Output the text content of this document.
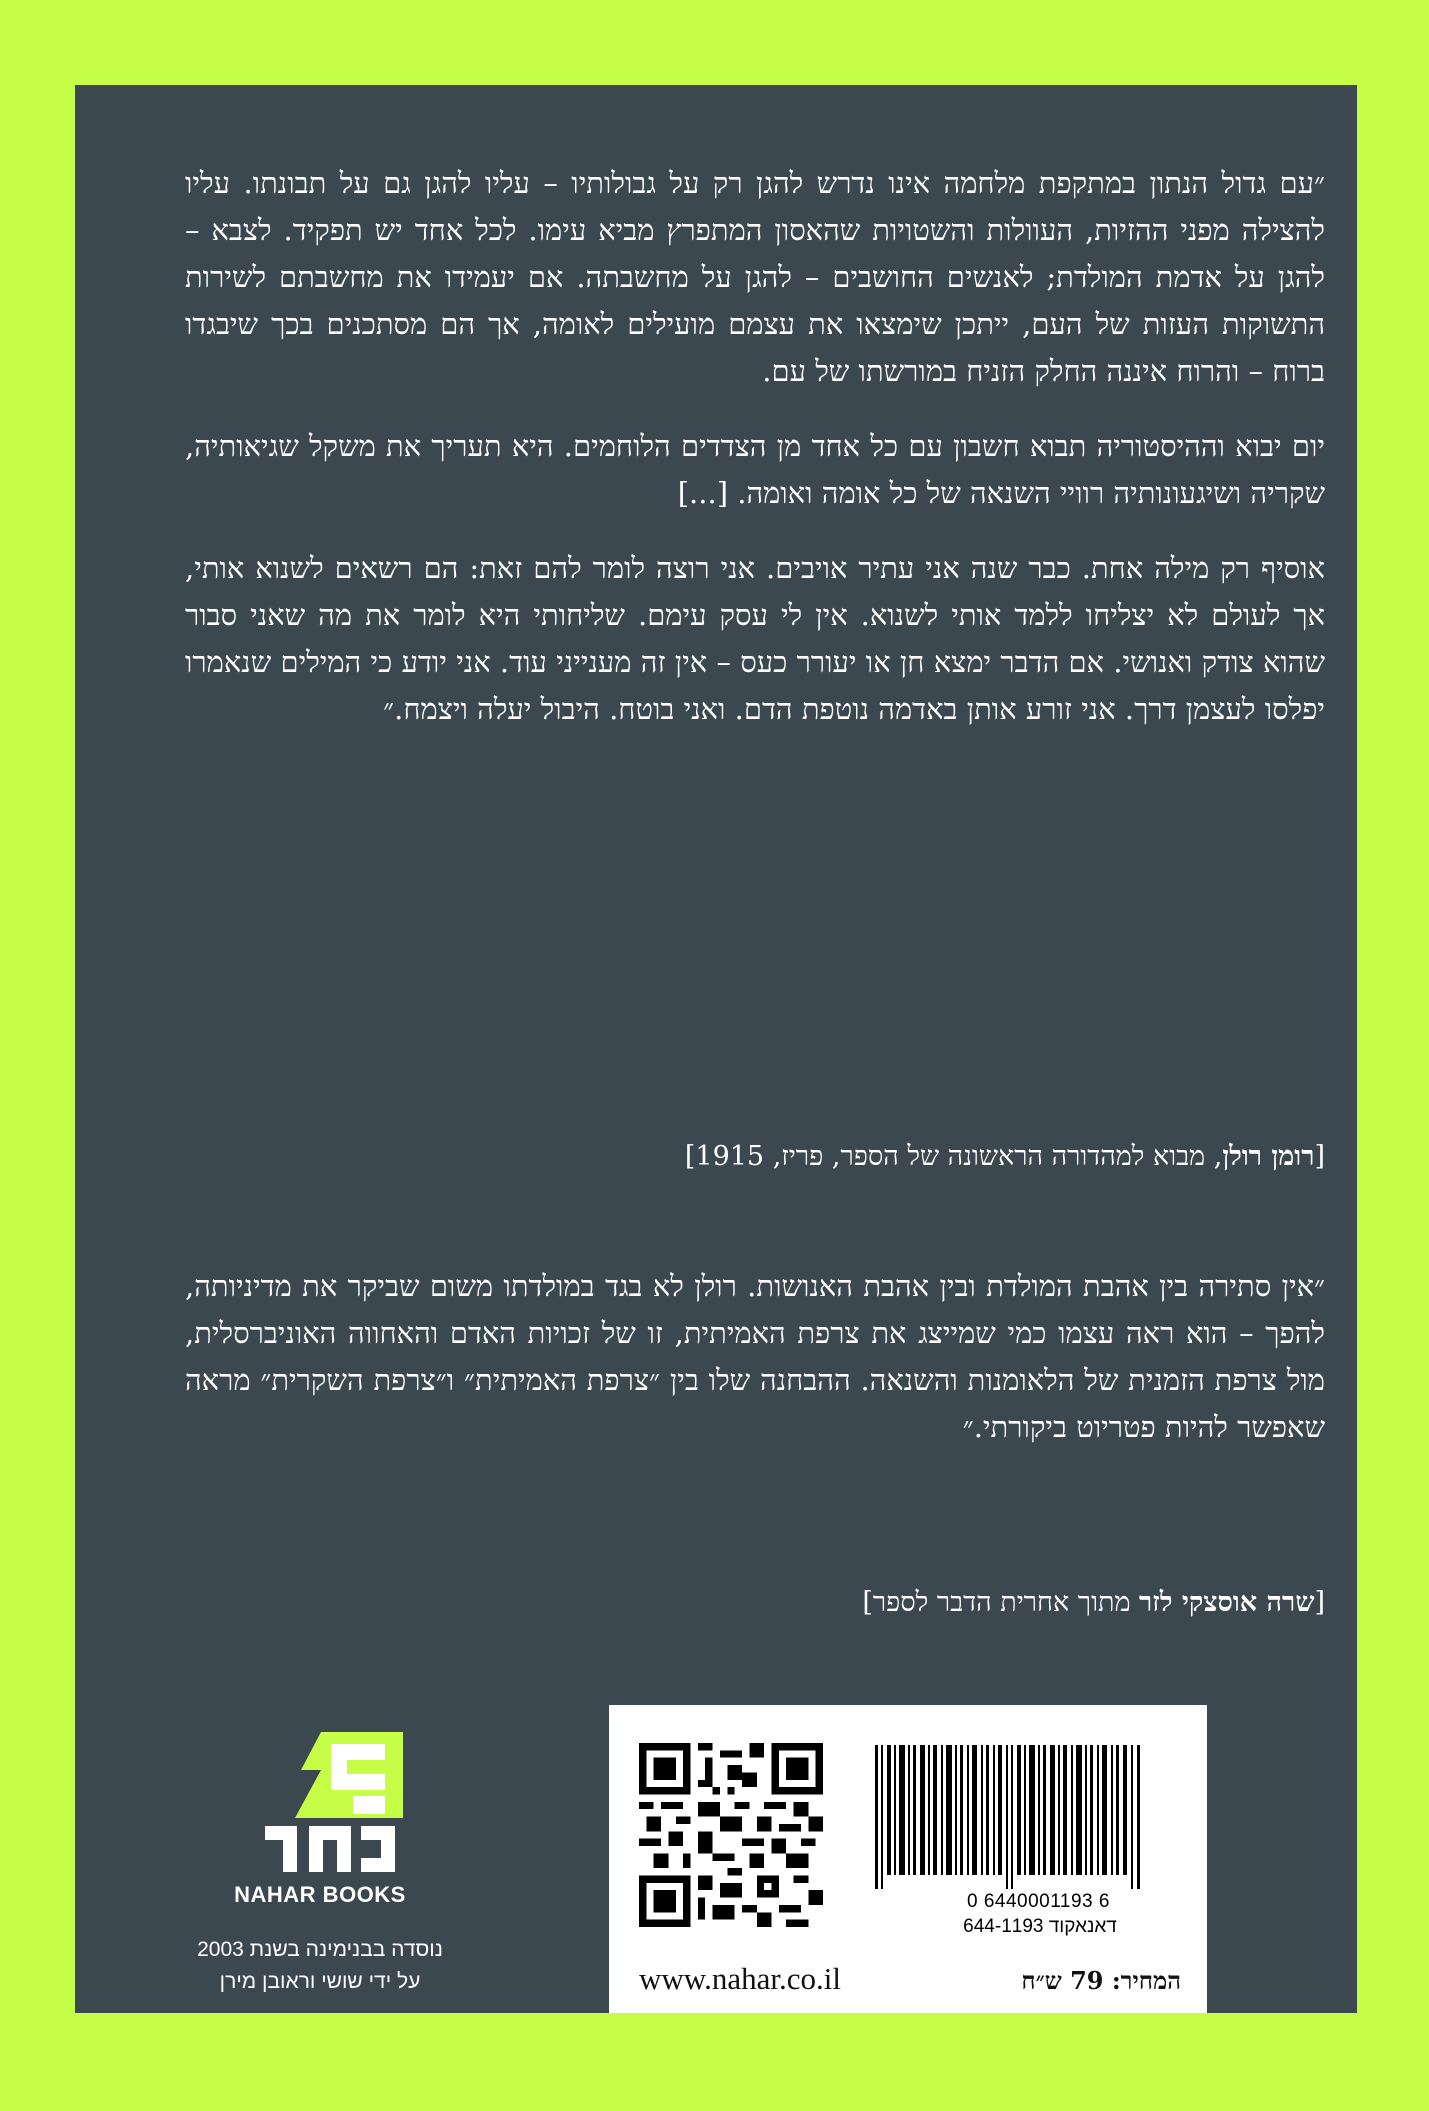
״עם גדול הנתון במתקפת מלחמה אינו נדרש להגן רק על גבולותיו – עליו להגן גם על תבונתו. עליו להצילה מפני ההזיות, העוולות והשטויות שהאסון המתפרץ מביא עימו. לכל אחד יש תפקיד. לצבא – להגן על אדמת המולדת; לאנשים החושבים – להגן על מחשבתה. אם יעמידו את מחשבתם לשירות התשוקות העזות של העם, ייתכן שימצאו את עצמם מועילים לאומה, אך הם מסתכנים בכך שיבגדו ברוח – והרוח איננה החלק הזניח במורשתו של עם.

יום יבוא וההיסטוריה תבוא חשבון עם כל אחד מן הצדדים הלוחמים. היא תעריך את משקל שגיאותיה, שקריה ושיגעונותיה רוויי השנאה של כל אומה ואומה. [...]

אוסיף רק מילה אחת. כבר שנה אני עתיר אויבים. אני רוצה לומר להם זאת: הם רשאים לשנוא אותי, אך לעולם לא יצליחו ללמד אותי לשנוא. אין לי עסק עימם. שליחותי היא לומר את מה שאני סבור שהוא צודק ואנושי. אם הדבר ימצא חן או יעורר כעס – אין זה מענייני עוד. אני יודע כי המילים שנאמרו יפלסו לעצמן דרך. אני זורע אותן באדמה נוטפת הדם. ואני בוטח. היבול יעלה ויצמח.״

[רומן רולן, מבוא למהדורה הראשונה של הספר, פריז, 1915]

״אין סתירה בין אהבת המולדת ובין אהבת האנושות. רולן לא בגד במולדתו משום שביקר את מדיניותה, להפך – הוא ראה עצמו כמי שמייצג את צרפת האמיתית, זו של זכויות האדם והאחווה האוניברסלית, מול צרפת הזמנית של הלאומנות והשנאה. ההבחנה שלו בין ״צרפת האמיתית״ ו״צרפת השקרית״ מראה שאפשר להיות פטריוט ביקורתי.״

[שרה אוסצקי לזר מתוך אחרית הדבר לספר]
NAHAR BOOKS
נוסדה בבנימינה בשנת 2003
על ידי שושי וראובן מירן
0 6440001193 6
דאנאקוד 644-1193
www.nahar.co.il	המחיר: 79 ש״ח
